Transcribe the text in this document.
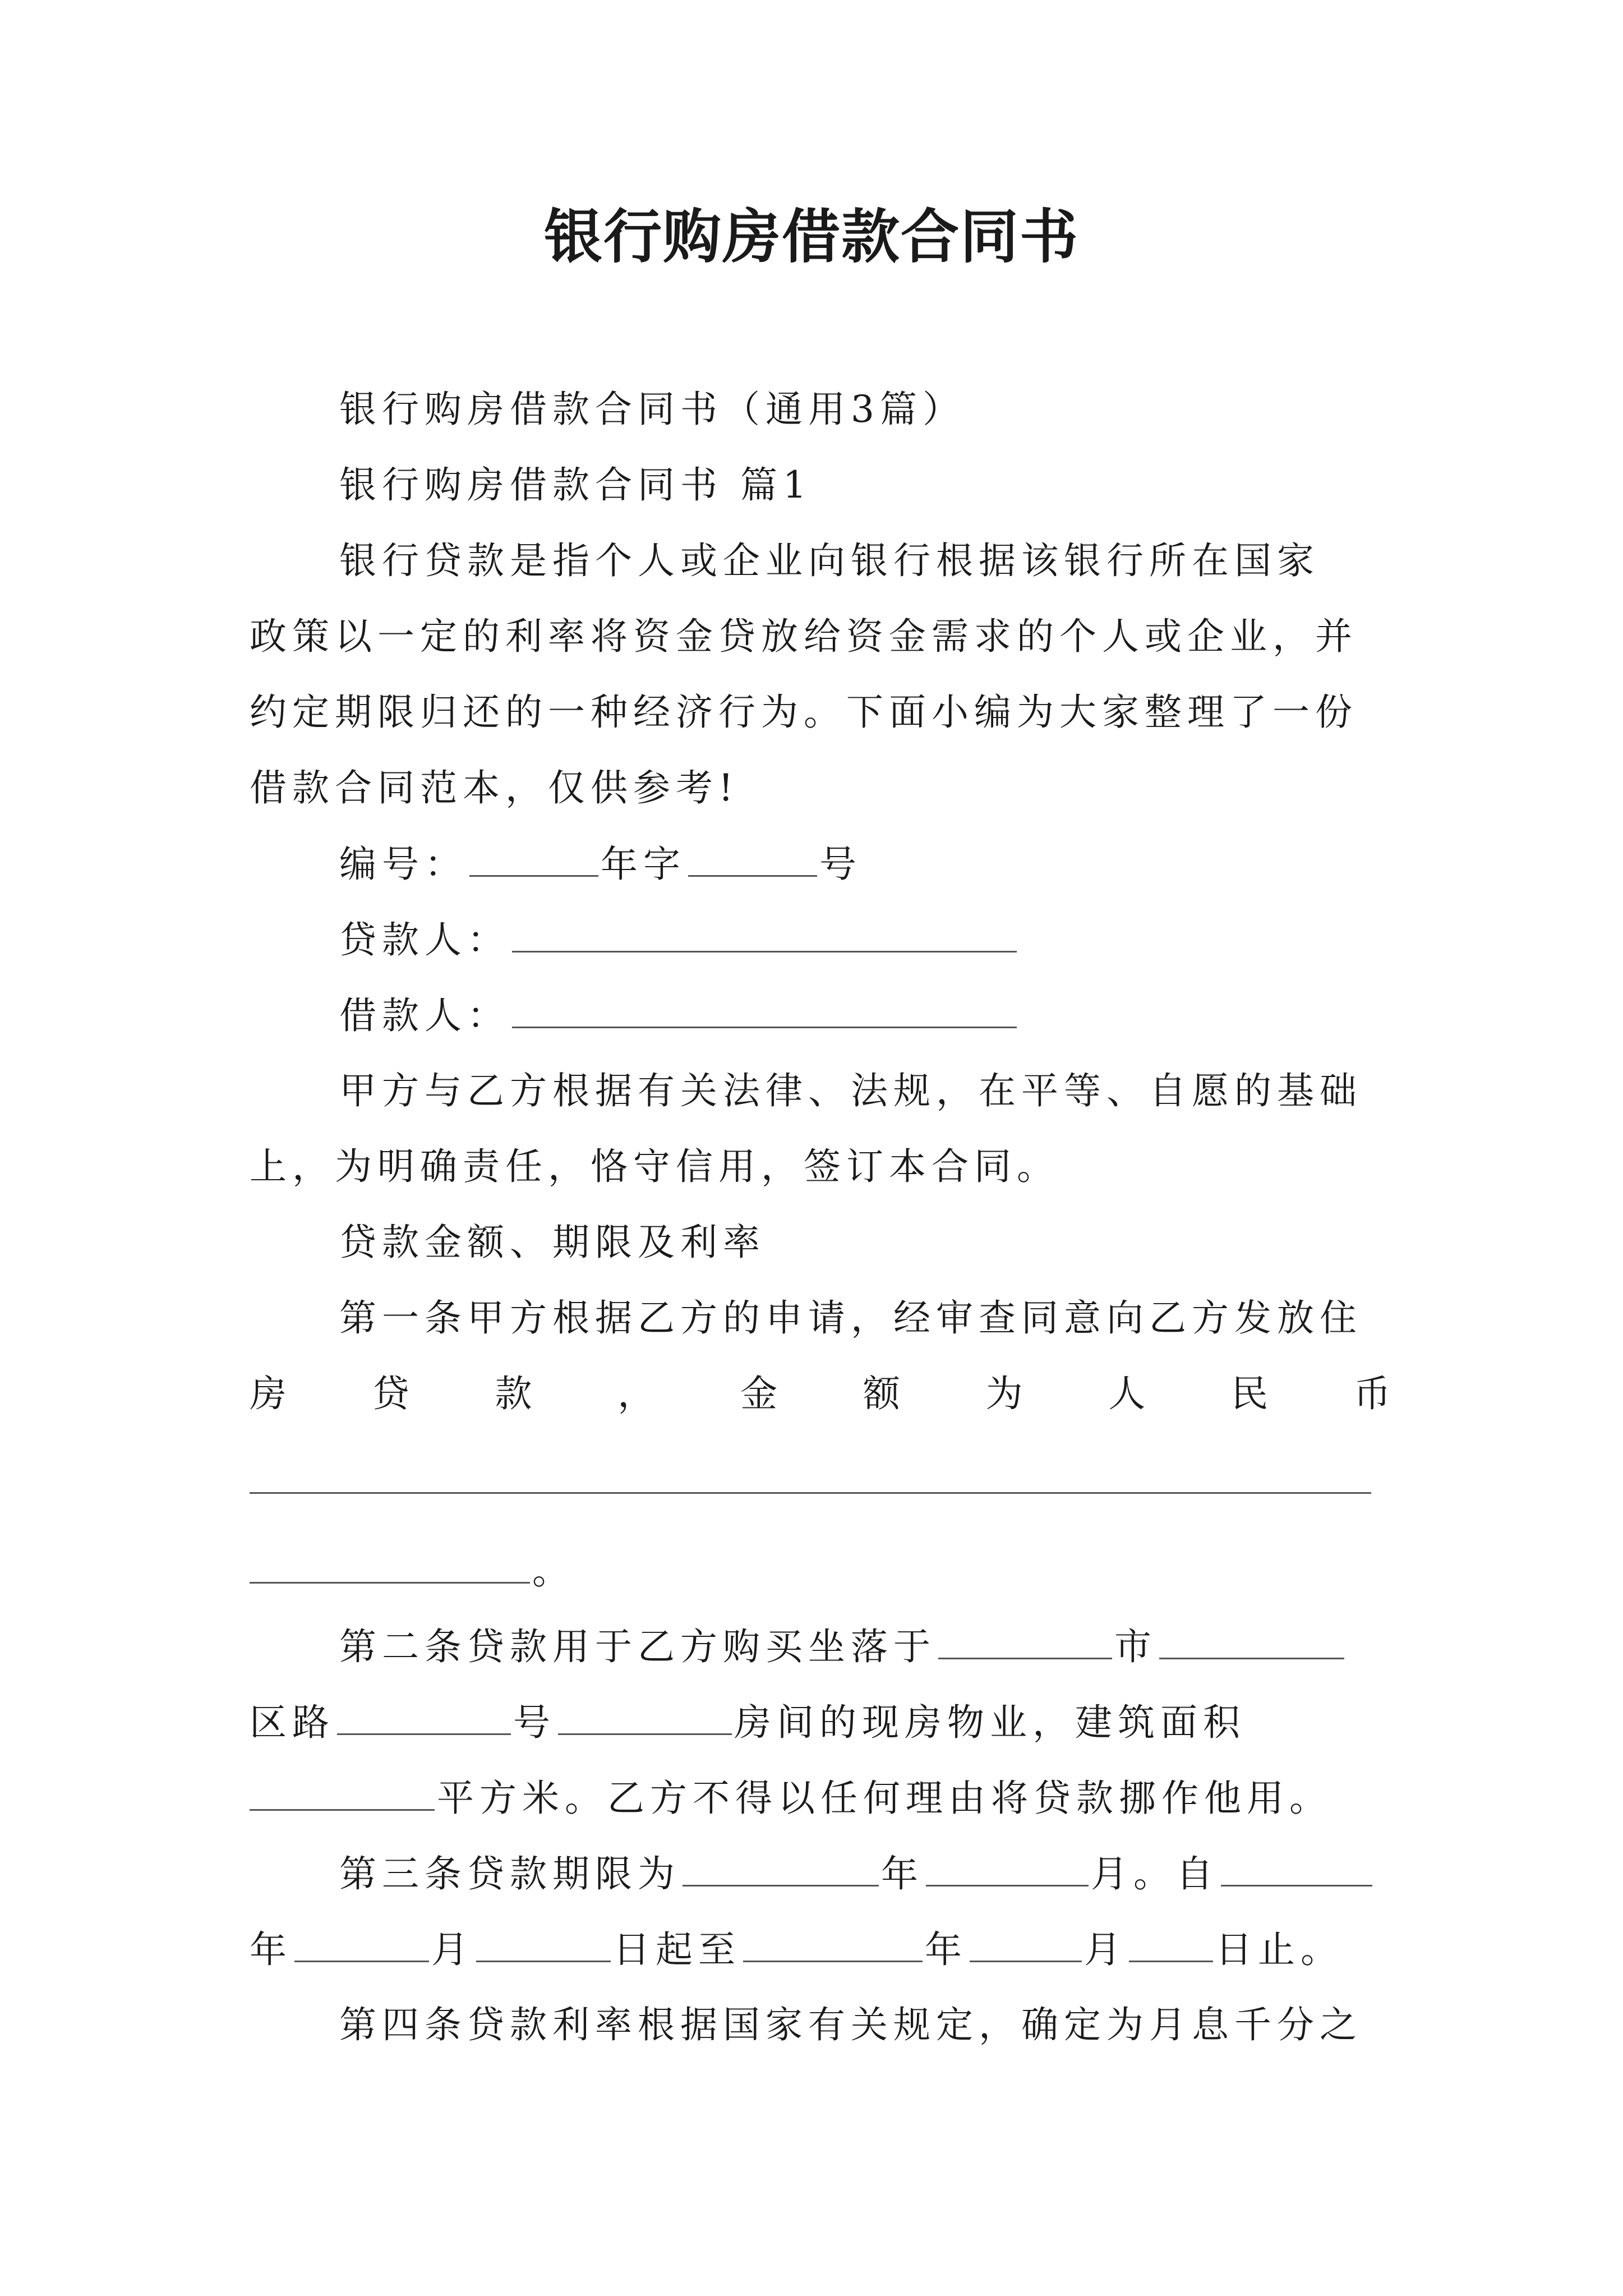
银行购房借款合同书
银行购房借款合同书（通用3篇）
银行购房借款合同书 篇1
银行贷款是指个人或企业向银行根据该银行所在国家
政策以一定的利率将资金贷放给资金需求的个人或企业，并
约定期限归还的一种经济行为。下面小编为大家整理了一份
借款合同范本，仅供参考!
编号：	年字	号
贷款人：
借款人：
甲方与乙方根据有关法律、法规，在平等、自愿的基础
上，为明确责任，恪守信用，签订本合同。
贷款金额、期限及利率
第一条甲方根据乙方的申请，经审查同意向乙方发放住
房 贷 款 ， 金 额 为 人 民 币
。
第二条贷款用于乙方购买坐落于	市
区路	号	房间的现房物业，建筑面积
平方米。乙方不得以任何理由将贷款挪作他用。
第三条贷款期限为	年	月。自
年	月	日起至	年	月 日止。
第四条贷款利率根据国家有关规定，确定为月息千分之
